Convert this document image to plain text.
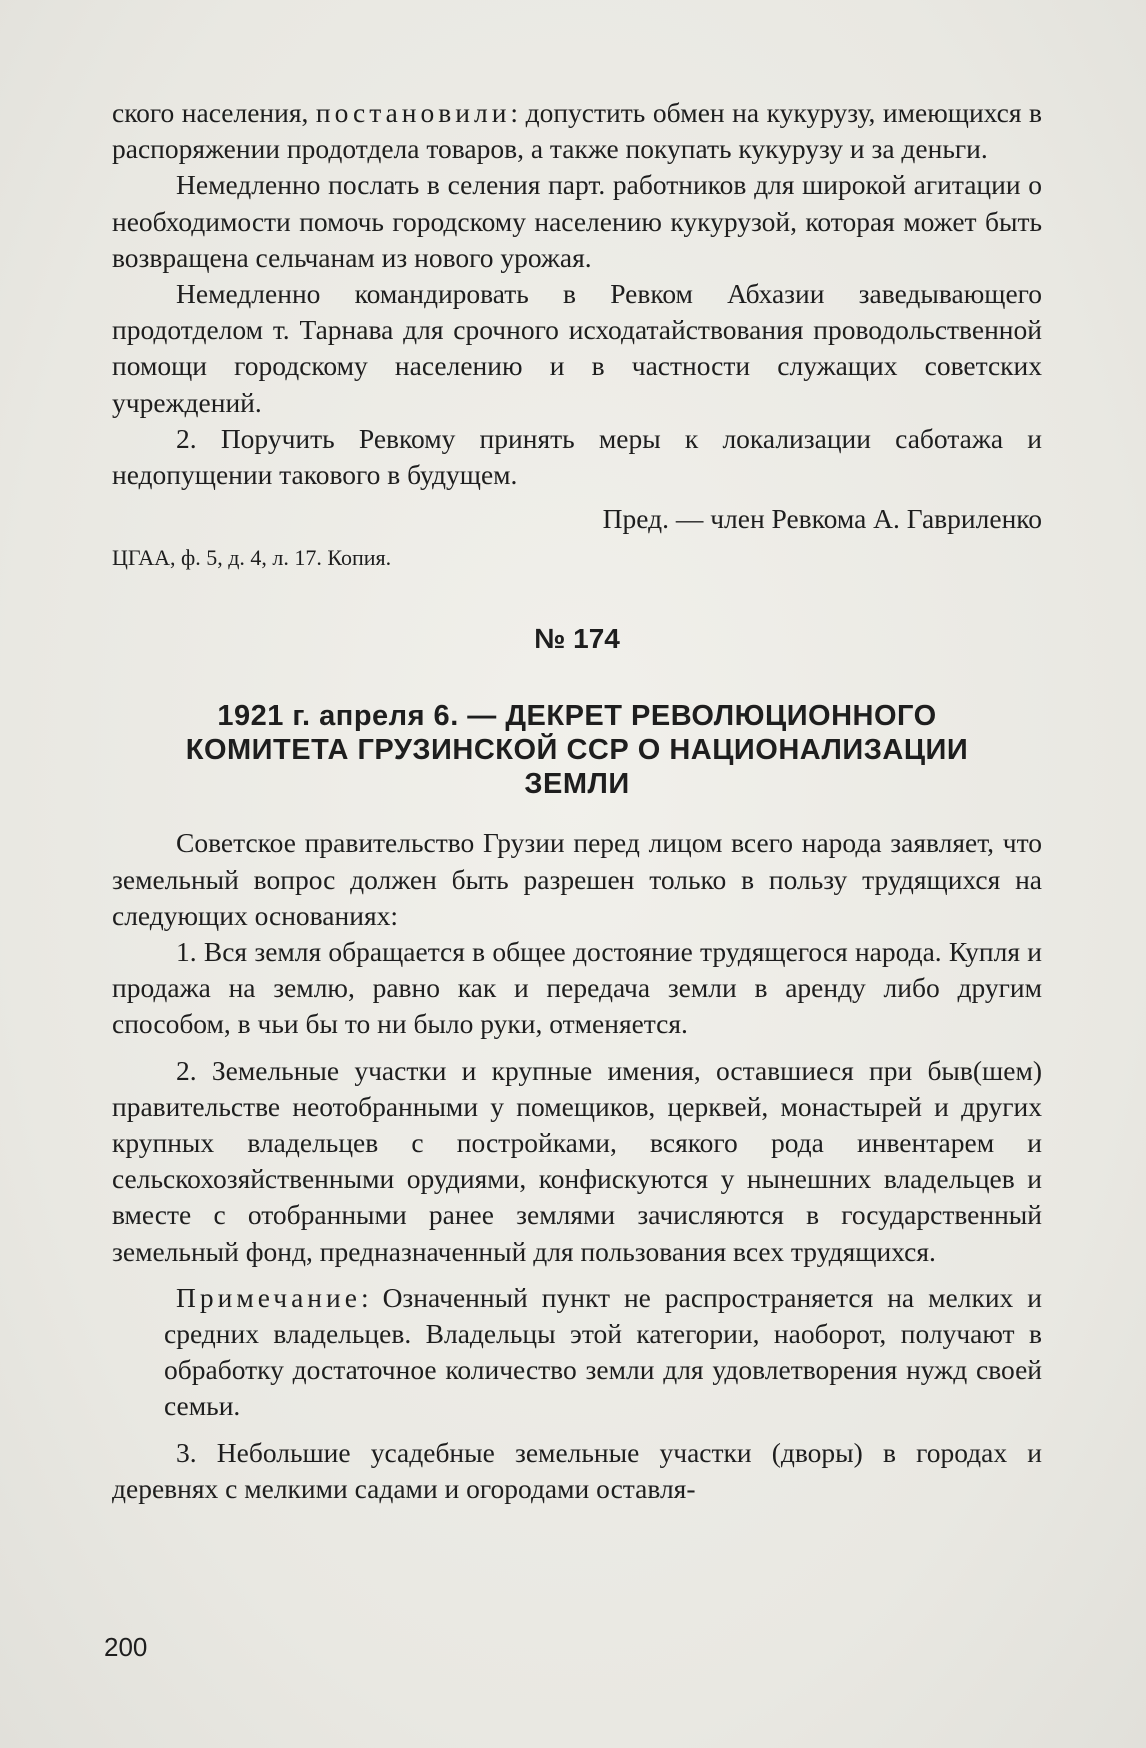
ского населения, постановили: допустить обмен на кукурузу, имеющихся в распоряжении продотдела товаров, а также покупать кукурузу и за деньги.

Немедленно послать в селения парт. работников для широкой агитации о необходимости помочь городскому населению кукурузой, которая может быть возвращена сельчанам из нового урожая.

Немедленно командировать в Ревком Абхазии заведывающего продотделом т. Тарнава для срочного исходатайствования проводольственной помощи городскому населению и в частности служащих советских учреждений.

2. Поручить Ревкому принять меры к локализации саботажа и недопущении такового в будущем.

Пред. — член Ревкома А. Гавриленко

ЦГАА, ф. 5, д. 4, л. 17. Копия.

№ 174
1921 г. апреля 6. — ДЕКРЕТ РЕВОЛЮЦИОННОГО
КОМИТЕТА ГРУЗИНСКОЙ ССР О НАЦИОНАЛИЗАЦИИ
ЗЕМЛИ

Советское правительство Грузии перед лицом всего народа заявляет, что земельный вопрос должен быть разрешен только в пользу трудящихся на следующих основаниях:

1. Вся земля обращается в общее достояние трудящегося народа. Купля и продажа на землю, равно как и передача земли в аренду либо другим способом, в чьи бы то ни было руки, отменяется.

2. Земельные участки и крупные имения, оставшиеся при быв(шем) правительстве неотобранными у помещиков, церквей, монастырей и других крупных владельцев с постройками, всякого рода инвентарем и сельскохозяйственными орудиями, конфискуются у нынешних владельцев и вместе с отобранными ранее землями зачисляются в государственный земельный фонд, предназначенный для пользования всех трудящихся.

Примечание: Означенный пункт не распространяется на мелких и средних владельцев. Владельцы этой категории, наоборот, получают в обработку достаточное количество земли для удовлетворения нужд своей семьи.

3. Небольшие усадебные земельные участки (дворы) в городах и деревнях с мелкими садами и огородами оставля-

200
